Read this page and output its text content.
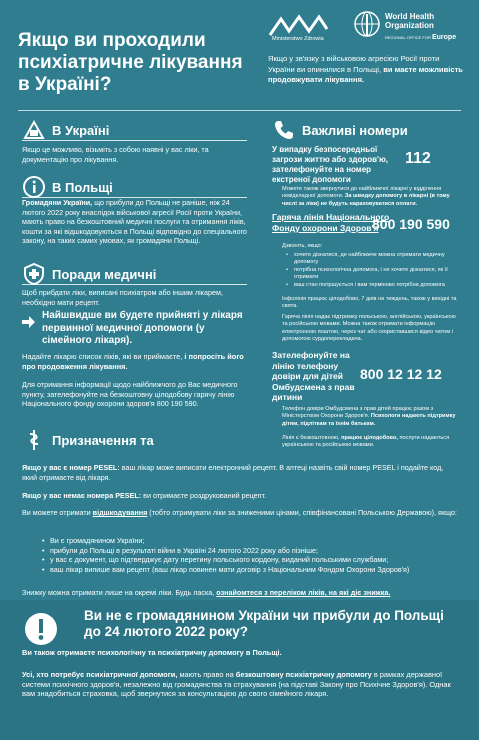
Якщо ви проходили психіатричне лікування в Україні?
Ministerstwo Zdrowia
World Health Organization
REGIONAL OFFICE FOR Europe
Якщо у зв'язку з військовою агресією Росії проти України ви опинилися в Польщі, ви маєте можливість продовжувати лікування.
В Україні
Якщо це можливо, візьміть з собою наявні у вас ліки, та документацію про лікування.
В Польщі
Громадяни України, що прибули до Польщі не раніше, ніж 24 лютого 2022 року внаслідок військової агресії Росії проти України, мають право на безкоштовний медичні послуги та отримання ліків, кошти за які відшкодовуються в Польщі відповідно до спеціального закону, на таких самих умовах, як громадяни Польщі.
Поради медичні
Щоб прибдати ліки, виписані психіатром або іншим лікарем, необхідно мати рецепт.
Найшвидше ви будете прийняті у лікаря первинної медичної допомоги (у сімейного лікаря).
Надайте лікарю список ліків, які ви приймаєте, і попросіть його про продовження лікування.
Для отримання інформації щодо найближчого до Вас медичного пункту, зателефонуйте на безкоштовну цілодобову гарячу лінію Національного фонду охорони здоров'я 800 190 590.
Призначення та
Важливі номери
У випадку безпосередньої загрози життю або здоров'ю, зателефонуйте на номер екстреної допомоги
112
Можете також звернутися до найближчої лікарні у відділення невідкладної допомоги. За швидку допомогу в лікарні (в тому числі за ліки) не будуть нараховуватися оплати.
Гаряча лінія Національного Фонду охорони Здоров'я
800 190 590
Дзвоніть, якщо:
• хочете дізнатися, де найближче можна отримати медичну допомогу
• потрібна психологічна допомога, і не хочете дізнатися, як її отримати
• ваш стан погіршується і вам терміново потрібна допомога
Інфолінія працює цілодобово, 7 днів на тиждень, також у вихідні та свята.
Гаряча лінія надає підтримку польською, англійською, українською та російською мовами. Можна також отримати інформацію електронною поштою, через чат або скориставшися відео чатом і допомогою сурдоперекладача.
Зателефонуйте на лінію телефону довіри для дітей Омбудсмена з прав дитини
800 12 12 12
Телефон довіри Омбудсмена з прав дітей працює разом з Міністерством Охорони Здоров'я. Психологи надають підтримку дітям, підліткам та їхнім батькам.
Лінія є безкоштовною, працює цілодобово, послуги надаються українською та російською мовами.
Якщо у вас є номер PESEL: ваш лікар може виписати електронний рецепт. В аптеці назвіть свій номер PESEL і подайте код, який отримаєте від лікаря.
Якщо у вас немає номера PESEL: ви отримаєте роздрукований рецепт.
Ви можете отримати відшкодування (тобто отримувати ліки за зниженими цінами, співфінансовані Польською Державою), якщо:
• Ви є громадянином України;
• прибули до Польщі в результаті війни в Україні 24 лютого 2022 року або пізніше;
• у вас є документ, що підтверджує дату перетину польського кордону, виданий польськими службами;
• ваш лікар випише вам рецепт (ваш лікар повинен мати договір з Національним Фондом Охорони Здоров'я)
Знижку можна отримати лише на окремі ліки. Будь ласка, ознайомтеся з переліком ліків, на які діє знижка.
Ви не є громадянином України чи прибули до Польщі до 24 лютого 2022 року?
Ви також отримаєте психологічну та психіатричну допомогу в Польщі.
Усі, хто потребує психіатричної допомоги, мають право на безкоштовну психіатричну допомогу в рамках державної системи психічного здоров'я, незалежно від громадянства та страхування (на підставі Закону про Психічне Здоров'я). Однак вам знадобиться страховка, щоб звернутися за консультацією до свого сімейного лікаря.
